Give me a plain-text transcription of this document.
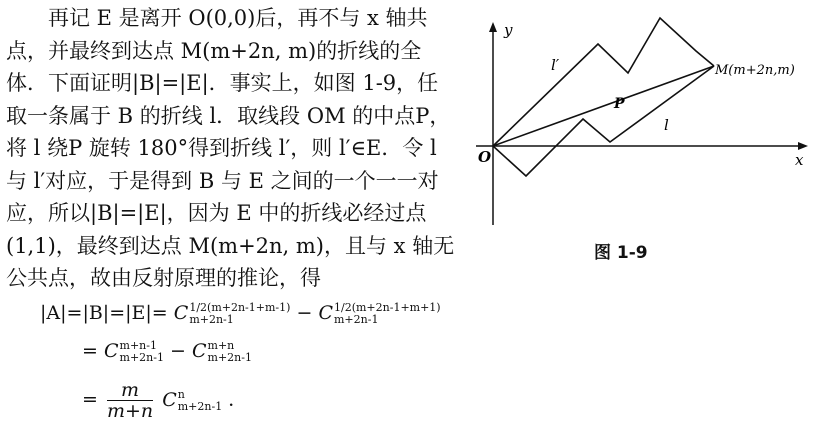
再记 E 是离开 O(0,0)后，再不与 x 轴共
点，并最终到达点 M(m+2n, m)的折线的全
体．下面证明|B|=|E|．事实上，如图 1-9，任
取一条属于 B 的折线 l．取线段 OM 的中点P，
将 l 绕P 旋转 180°得到折线 l′，则 l′∈E．令 l
与 l′对应，于是得到 B 与 E 之间的一个一一对
应，所以|B|=|E|，因为 E 中的折线必经过点
(1,1)，最终到达点 M(m+2n, m)，且与 x 轴无
公共点，故由反射原理的推论，得
y
x
O
l′
l
P
M(m+2n,m)
图 1-9
|A|=|B|=|E|= C 1/2(m+2n-1+m-1)
m+2n-1	− C 1/2(m+2n-1+m+1)
m+2n-1
= C m+n-1
m+2n-1 − C m+n
m+2n-1
= $\frac{m}{m+n}$ C n
m+2n-1 ．
